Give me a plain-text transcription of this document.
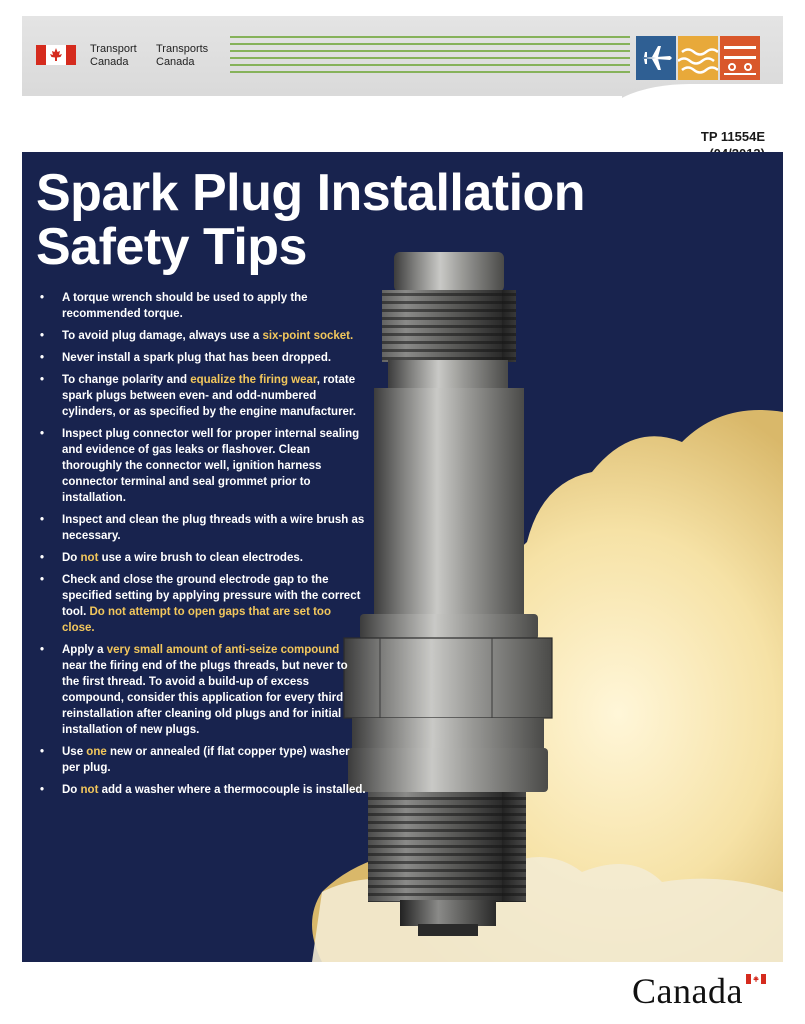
Transport
Canada
Transports
Canada
TP 11554E
Spark Plug Installation
Safety Tips
• A torque wrench should be used to apply the recommended torque.
• To avoid plug damage, always use a six-point socket.
• Never install a spark plug that has been dropped.
• To change polarity and equalize the firing wear, rotate spark plugs between even- and odd-numbered cylinders, or as specified by the engine manufacturer.
• Inspect plug connector well for proper internal sealing and evidence of gas leaks or flashover. Clean thoroughly the connector well, ignition harness connector terminal and seal grommet prior to installation.
• Inspect and clean the plug threads with a wire brush as necessary.
• Do not use a wire brush to clean electrodes.
• Check and close the ground electrode gap to the specified setting by applying pressure with the correct tool. Do not attempt to open gaps that are set too close.
• Apply a very small amount of anti-seize compound near the firing end of the plugs threads, but never to the first thread. To avoid a build-up of excess compound, consider this application for every third reinstallation after cleaning old plugs and for initial installation of new plugs.
• Use one new or annealed (if flat copper type) washer per plug.
• Do not add a washer where a thermocouple is installed.
Canada
